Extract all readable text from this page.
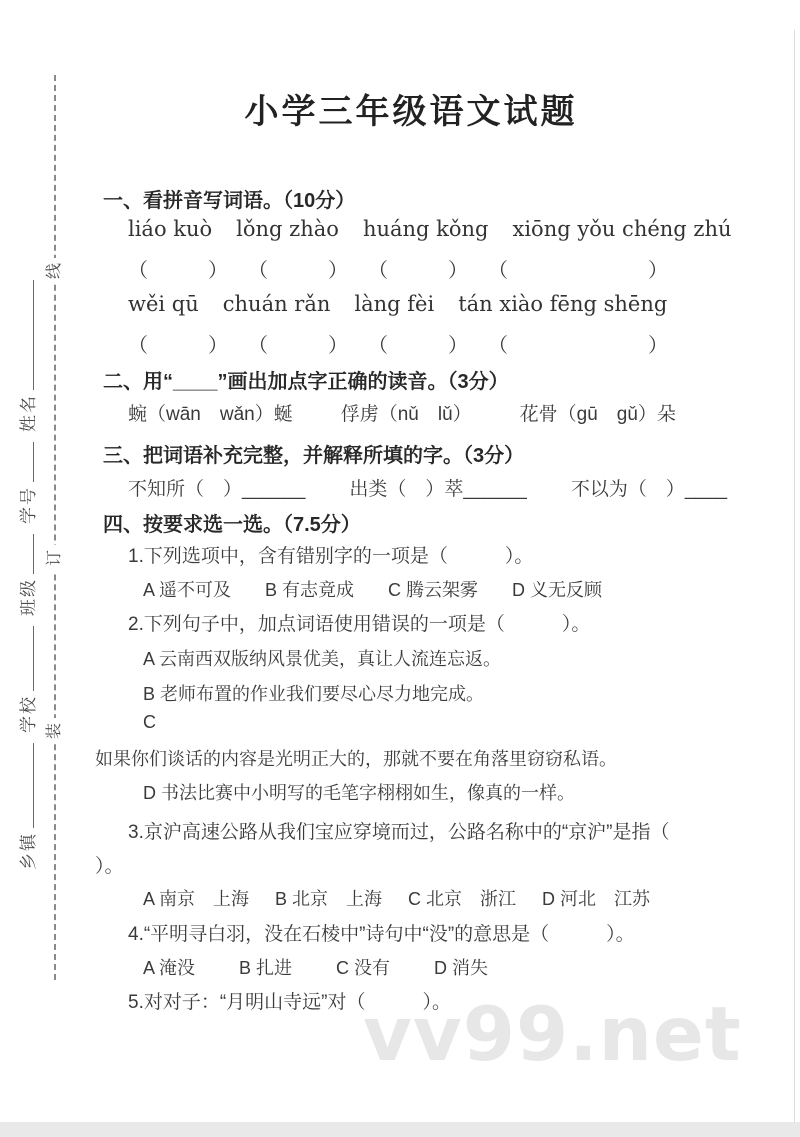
线
订
装
乡镇
学校
班级
学号
姓名
vv99.net
小学三年级语文试题
一、看拼音写词语。（10分）
liáo kuò lǒng zhào huáng kǒng xiōng yǒu chéng zhú
（　　　） （　　　） （　　　） （　　　　　　　）
wěi qū chuán rǎn làng fèi tán xiào fēng shēng
（　　　） （　　　） （　　　） （　　　　　　　）
二、用“____”画出加点字正确的读音。（3分）
蜿（wān　wǎn）蜒	俘虏（nǔ　lǔ）	花骨（gū　gǔ）朵
三、把词语补充完整，并解释所填的字。（3分）
不知所（　）______ 出类（　）萃______ 不以为（　）____
四、按要求选一选。（7.5分）
1.下列选项中，含有错别字的一项是（　　　）。
A 遥不可及 B 有志竟成 C 腾云架雾 D 义无反顾
2.下列句子中，加点词语使用错误的一项是（　　　）。
A 云南西双版纳风景优美，真让人流连忘返。
B 老师布置的作业我们要尽心尽力地完成。
C
如果你们谈话的内容是光明正大的，那就不要在角落里窃窃私语。
D 书法比赛中小明写的毛笔字栩栩如生，像真的一样。
3.京沪高速公路从我们宝应穿境而过，公路名称中的“京沪”是指（
）。
A 南京　上海 B 北京　上海 C 北京　浙江 D 河北　江苏
4.“平明寻白羽，没在石棱中”诗句中“没”的意思是（　　　）。
A 淹没 B 扎进 C 没有 D 消失
5.对对子：“月明山寺远”对（　　　）。
